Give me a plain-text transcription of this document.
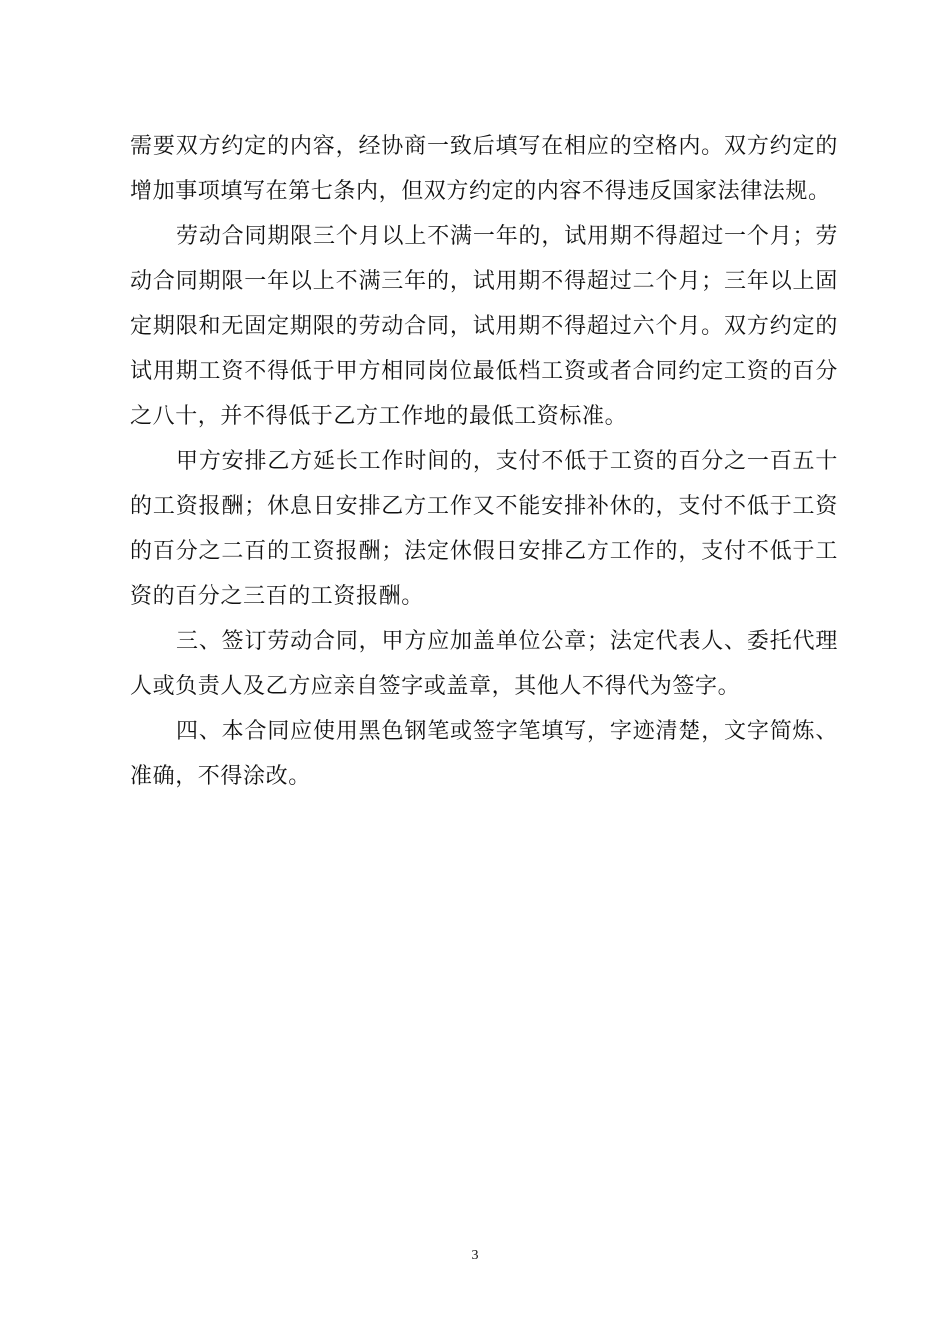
需要双方约定的内容，经协商一致后填写在相应的空格内。双方约定的增加事项填写在第七条内，但双方约定的内容不得违反国家法律法规。

劳动合同期限三个月以上不满一年的，试用期不得超过一个月；劳动合同期限一年以上不满三年的，试用期不得超过二个月；三年以上固定期限和无固定期限的劳动合同，试用期不得超过六个月。双方约定的试用期工资不得低于甲方相同岗位最低档工资或者合同约定工资的百分之八十，并不得低于乙方工作地的最低工资标准。

甲方安排乙方延长工作时间的，支付不低于工资的百分之一百五十的工资报酬；休息日安排乙方工作又不能安排补休的，支付不低于工资的百分之二百的工资报酬；法定休假日安排乙方工作的，支付不低于工资的百分之三百的工资报酬。

三、签订劳动合同，甲方应加盖单位公章；法定代表人、委托代理人或负责人及乙方应亲自签字或盖章，其他人不得代为签字。

四、本合同应使用黑色钢笔或签字笔填写，字迹清楚，文字简炼、准确，不得涂改。

3
